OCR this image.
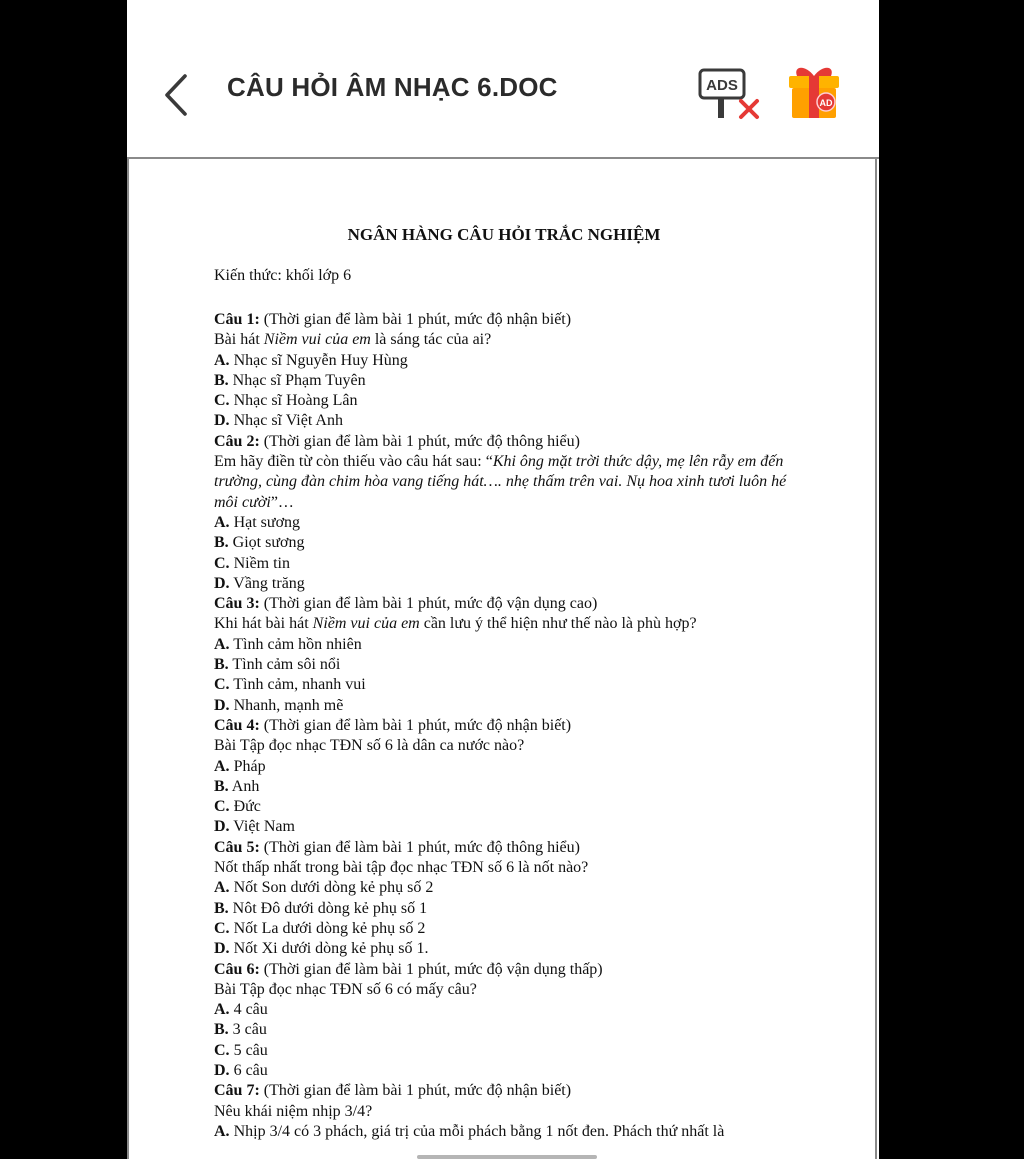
CÂU HỎI ÂM NHẠC 6.DOC	ADS
AD
NGÂN HÀNG CÂU HỎI TRẮC NGHIỆM
Kiến thức: khối lớp 6
Câu 1: (Thời gian để làm bài 1 phút, mức độ nhận biết)
Bài hát Niềm vui của em là sáng tác của ai?
A. Nhạc sĩ Nguyễn Huy Hùng
B. Nhạc sĩ Phạm Tuyên
C. Nhạc sĩ Hoàng Lân
D. Nhạc sĩ Việt Anh
Câu 2: (Thời gian để làm bài 1 phút, mức độ thông hiểu)
Em hãy điền từ còn thiếu vào câu hát sau: “Khi ông mặt trời thức dậy, mẹ lên rẫy em đến trường, cùng đàn chim hòa vang tiếng hát…. nhẹ thấm trên vai. Nụ hoa xinh tươi luôn hé môi cười”…
A. Hạt sương
B. Giọt sương
C. Niềm tin
D. Vầng trăng
Câu 3: (Thời gian để làm bài 1 phút, mức độ vận dụng cao)
Khi hát bài hát Niềm vui của em cần lưu ý thể hiện như thế nào là phù hợp?
A. Tình cảm hồn nhiên
B. Tình cảm sôi nổi
C. Tình cảm, nhanh vui
D. Nhanh, mạnh mẽ
Câu 4: (Thời gian để làm bài 1 phút, mức độ nhận biết)
Bài Tập đọc nhạc TĐN số 6 là dân ca nước nào?
A. Pháp
B. Anh
C. Đức
D. Việt Nam
Câu 5: (Thời gian để làm bài 1 phút, mức độ thông hiểu)
Nốt thấp nhất trong bài tập đọc nhạc TĐN số 6 là nốt nào?
A. Nốt Son dưới dòng kẻ phụ số 2
B. Nôt Đô dưới dòng kẻ phụ số 1
C. Nốt La dưới dòng kẻ phụ số 2
D. Nốt Xi dưới dòng kẻ phụ số 1.
Câu 6: (Thời gian để làm bài 1 phút, mức độ vận dụng thấp)
Bài Tập đọc nhạc TĐN số 6 có mấy câu?
A. 4 câu
B. 3 câu
C. 5 câu
D. 6 câu
Câu 7: (Thời gian để làm bài 1 phút, mức độ nhận biết)
Nêu khái niệm nhịp 3/4?
A. Nhịp 3/4 có 3 phách, giá trị của mỗi phách bằng 1 nốt đen. Phách thứ nhất là
